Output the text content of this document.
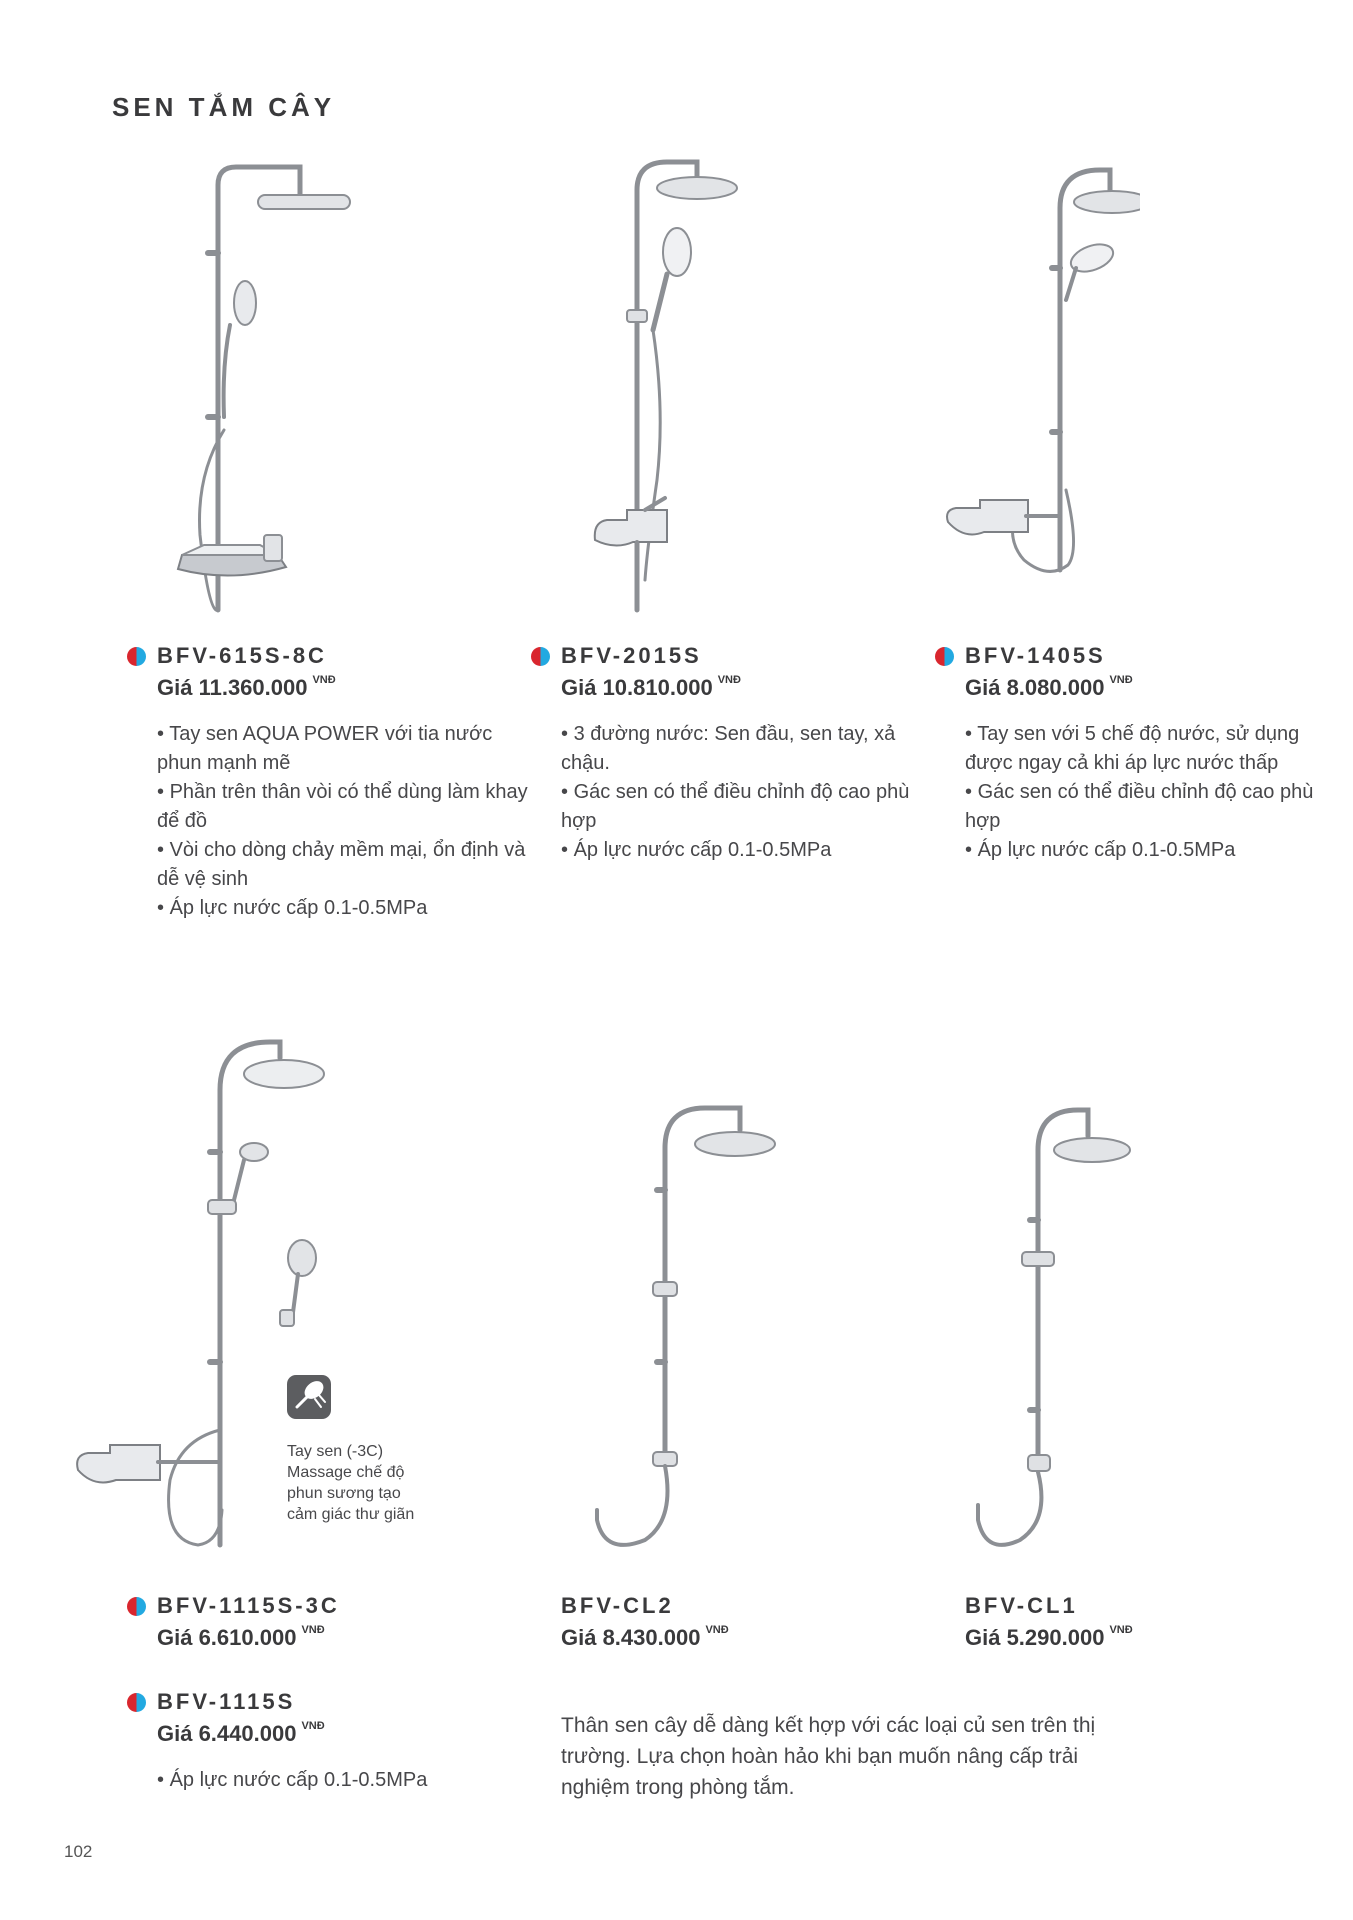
SEN TẮM CÂY
BFV-615S-8C
Giá 11.360.000 $^{VNĐ}$
• Tay sen AQUA POWER với tia nước phun mạnh mẽ
• Phần trên thân vòi có thể dùng làm khay để đồ
• Vòi cho dòng chảy mềm mại, ổn định và dễ vệ sinh
• Áp lực nước cấp 0.1-0.5MPa
BFV-2015S
Giá 10.810.000 $^{VNĐ}$
• 3 đường nước: Sen đầu, sen tay, xả chậu.
• Gác sen có thể điều chỉnh độ cao phù hợp
• Áp lực nước cấp 0.1-0.5MPa
BFV-1405S
Giá 8.080.000 $^{VNĐ}$
• Tay sen với 5 chế độ nước, sử dụng được ngay cả khi áp lực nước thấp
• Gác sen có thể điều chỉnh độ cao phù hợp
• Áp lực nước cấp 0.1-0.5MPa

Tay sen (-3C) Massage chế độ phun sương tạo cảm giác thư giãn

BFV-1115S-3C
Giá 6.610.000 $^{VNĐ}$
BFV-1115S
Giá 6.440.000 $^{VNĐ}$
• Áp lực nước cấp 0.1-0.5MPa
BFV-CL2
Giá 8.430.000 $^{VNĐ}$
BFV-CL1
Giá 5.290.000 $^{VNĐ}$

Thân sen cây dễ dàng kết hợp với các loại củ sen trên thị trường. Lựa chọn hoàn hảo khi bạn muốn nâng cấp trải nghiệm trong phòng tắm.

102
